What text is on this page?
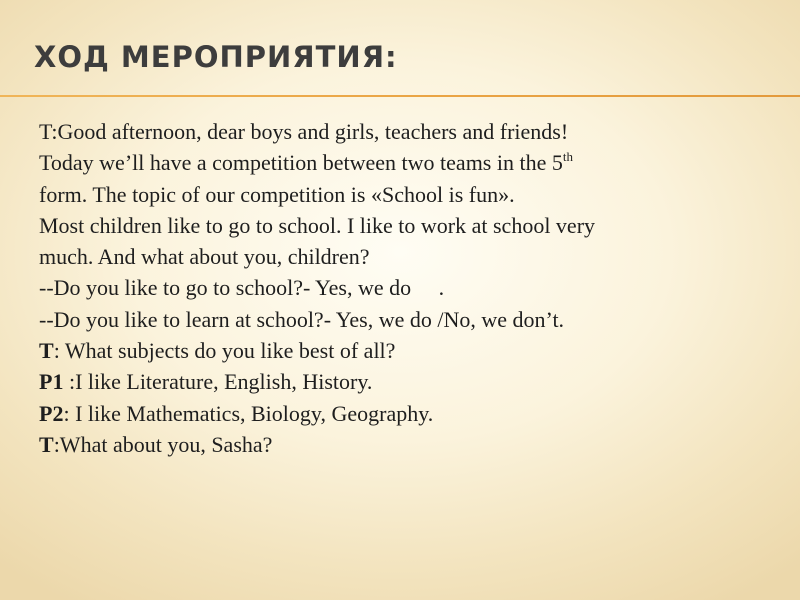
ХОД МЕРОПРИЯТИЯ:
T:Good afternoon, dear boys and girls, teachers and friends!
Today we’ll have a competition between two teams in the 5th
form. The topic of our competition is «School is fun».
Most children like to go to school. I like to work at school very
much. And what about you, children?
--Do you like to go to school?- Yes, we do .
--Do you like to learn at school?- Yes, we do /No, we don’t.
T: What subjects do you like best of all?
P1 :I like Literature, English, History.
P2: I like Mathematics, Biology, Geography.
T:What about you, Sasha?
